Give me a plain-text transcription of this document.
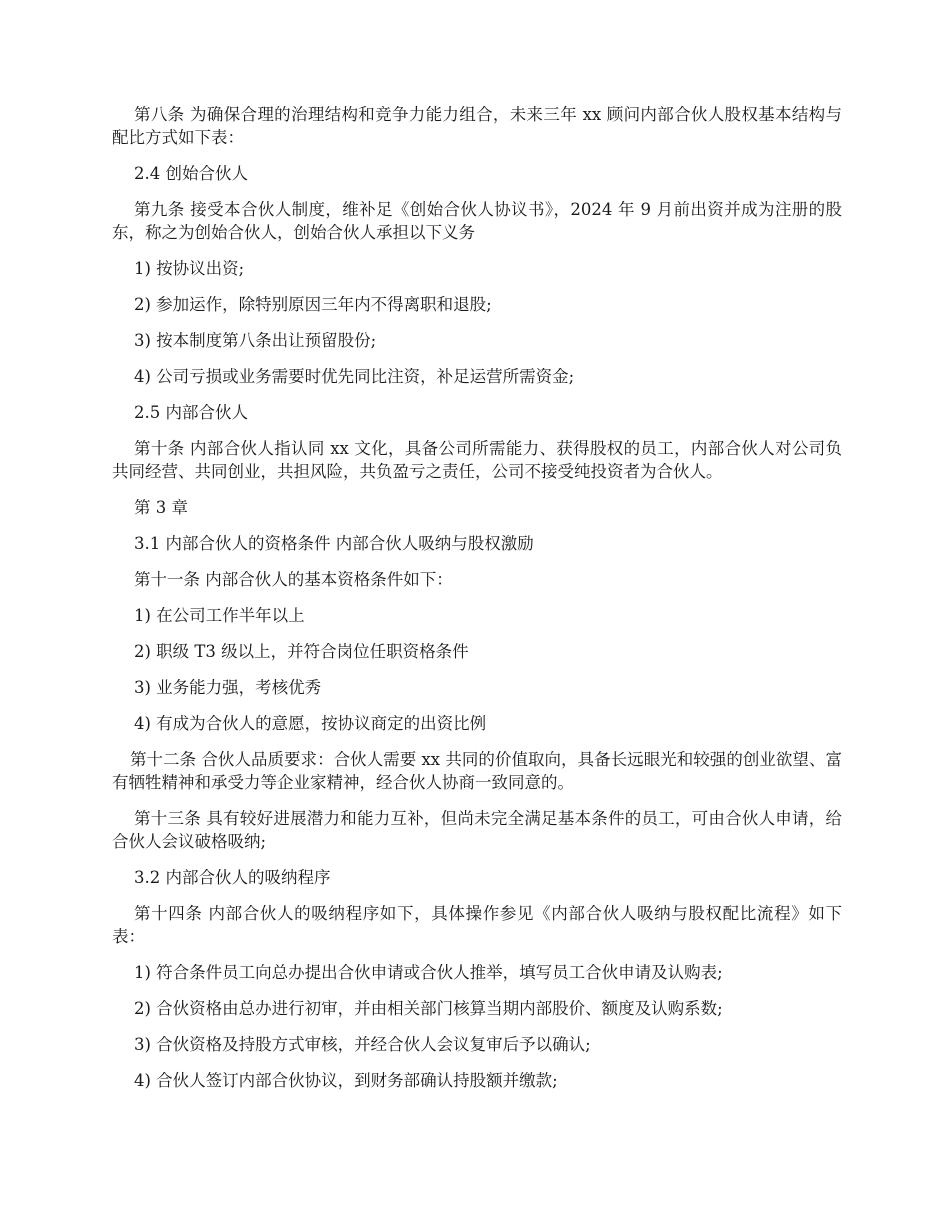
第八条 为确保合理的治理结构和竞争力能力组合，未来三年 xx 顾问内部合伙人股权基本结构与配比方式如下表：

2.4 创始合伙人

第九条 接受本合伙人制度，维补足《创始合伙人协议书》，2024 年 9 月前出资并成为注册的股东，称之为创始合伙人，创始合伙人承担以下义务

1) 按协议出资;

2) 参加运作，除特别原因三年内不得离职和退股;

3) 按本制度第八条出让预留股份;

4) 公司亏损或业务需要时优先同比注资，补足运营所需资金;

2.5 内部合伙人

第十条 内部合伙人指认同 xx 文化，具备公司所需能力、获得股权的员工，内部合伙人对公司负共同经营、共同创业，共担风险，共负盈亏之责任，公司不接受纯投资者为合伙人。

第 3 章

3.1 内部合伙人的资格条件 内部合伙人吸纳与股权激励

第十一条 内部合伙人的基本资格条件如下：

1) 在公司工作半年以上

2) 职级 T3 级以上，并符合岗位任职资格条件

3) 业务能力强，考核优秀

4) 有成为合伙人的意愿，按协议商定的出资比例

第十二条 合伙人品质要求：合伙人需要 xx 共同的价值取向，具备长远眼光和较强的创业欲望、富有牺牲精神和承受力等企业家精神，经合伙人协商一致同意的。

第十三条 具有较好进展潜力和能力互补，但尚未完全满足基本条件的员工，可由合伙人申请，给合伙人会议破格吸纳;

3.2 内部合伙人的吸纳程序

第十四条 内部合伙人的吸纳程序如下，具体操作参见《内部合伙人吸纳与股权配比流程》如下表：

1) 符合条件员工向总办提出合伙申请或合伙人推举，填写员工合伙申请及认购表;

2) 合伙资格由总办进行初审，并由相关部门核算当期内部股价、额度及认购系数;

3) 合伙资格及持股方式审核，并经合伙人会议复审后予以确认;

4) 合伙人签订内部合伙协议，到财务部确认持股额并缴款;
